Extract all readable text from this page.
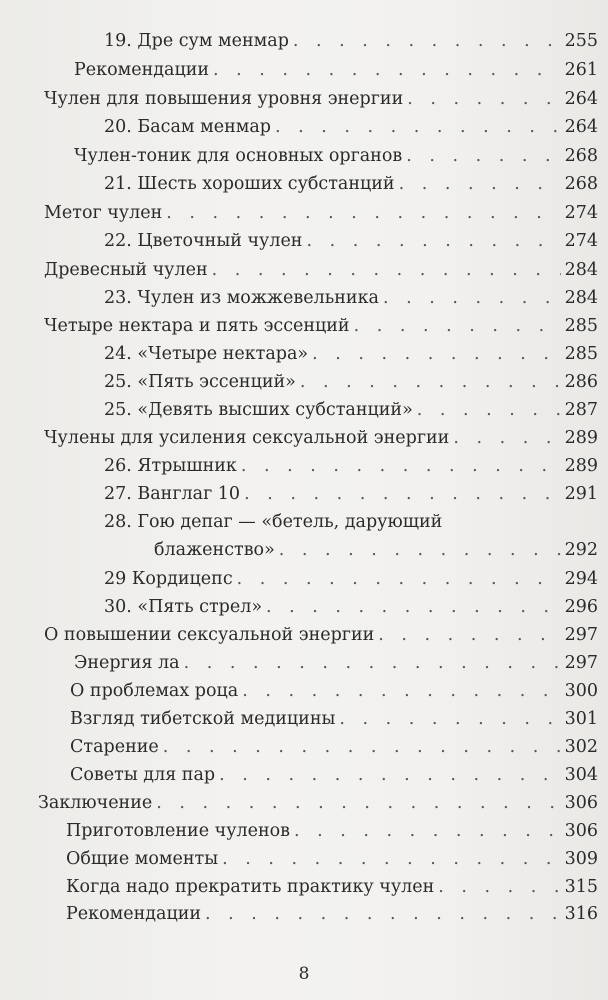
19. Дре сум менмар . . .	255
Рекомендации . . .	261
Чулен для повышения уровня энергии . . .	264
20. Басам менмар . . .	264
Чулен-тоник для основных органов . . .	268
21. Шесть хороших субстанций . . .	268
Метог чулен . . .	274
22. Цветочный чулен . . .	274
Древесный чулен . . .	284
23. Чулен из можжевельника . . .	284
Четыре нектара и пять эссенций . . .	285
24. «Четыре нектара» . . .	285
25. «Пять эссенций» . . .	286
25. «Девять высших субстанций» . . .	287
Чулены для усиления сексуальной энергии . . .	289
26. Ятрышник . . .	289
27. Ванглаг 10 . . .	291
28. Гою депаг — «бетель, дарующий
блаженство» . . .	292
29 Кордицепс . . .	294
30. «Пять стрел» . . .	296
О повышении сексуальной энергии . . .	297
Энергия ла . . .	297
О проблемах роца . . .	300
Взгляд тибетской медицины . . .	301
Старение . . .	302
Советы для пар . . .	304
Заключение . . .	306
Приготовление чуленов . . .	306
Общие моменты . . .	309
Когда надо прекратить практику чулен . . .	315
Рекомендации . . .	316
8
